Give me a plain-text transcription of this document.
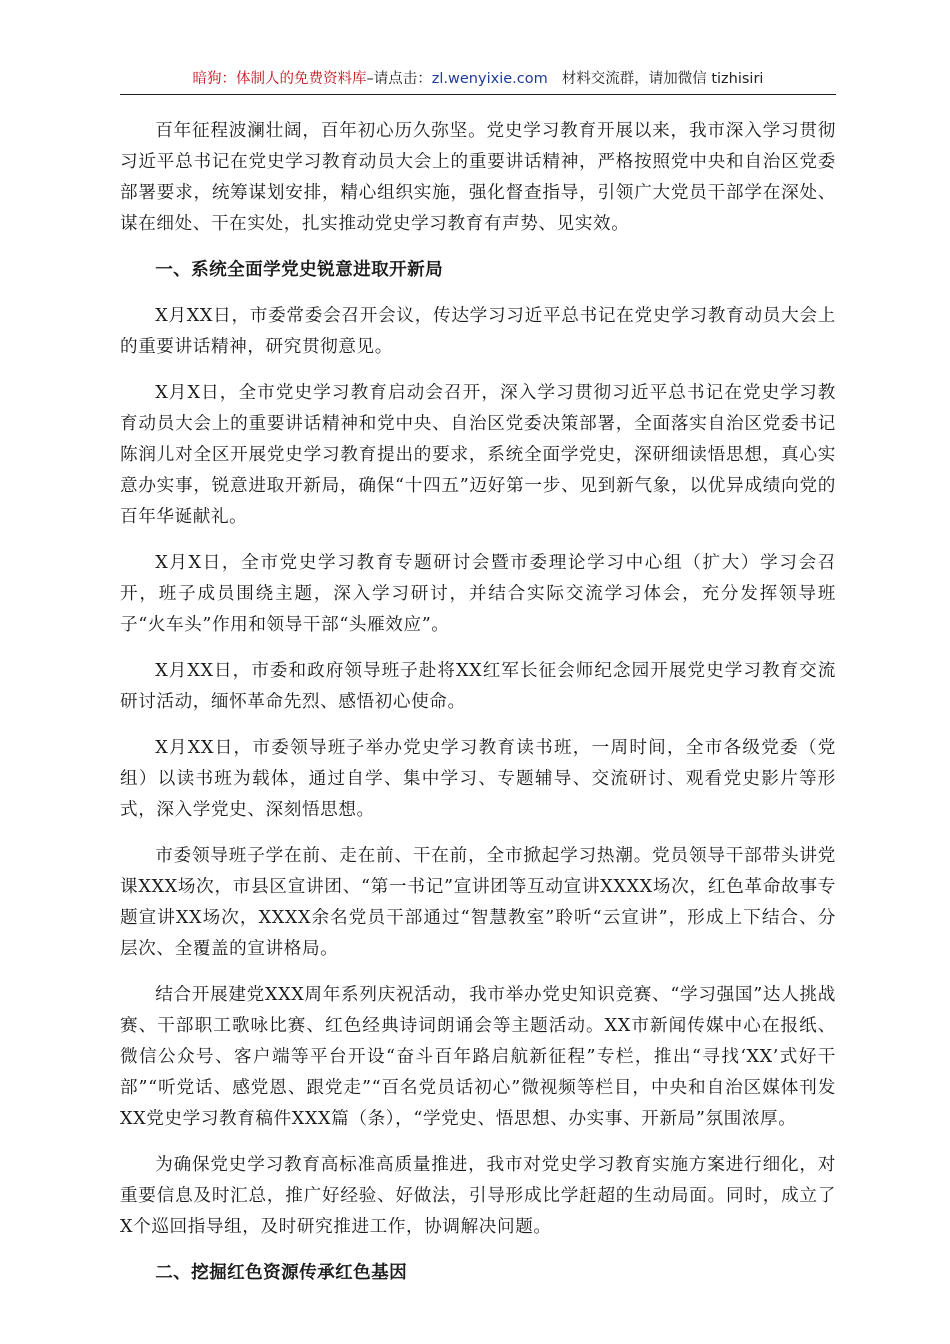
暗狗：体制人的免费资料库–请点击：zl.wenyixie.com 材料交流群，请加微信 tizhisiri

百年征程波澜壮阔，百年初心历久弥坚。党史学习教育开展以来，我市深入学习贯彻习近平总书记在党史学习教育动员大会上的重要讲话精神，严格按照党中央和自治区党委部署要求，统筹谋划安排，精心组织实施，强化督查指导，引领广大党员干部学在深处、谋在细处、干在实处，扎实推动党史学习教育有声势、见实效。

一、系统全面学党史锐意进取开新局

X月XX日，市委常委会召开会议，传达学习习近平总书记在党史学习教育动员大会上的重要讲话精神，研究贯彻意见。

X月X日，全市党史学习教育启动会召开，深入学习贯彻习近平总书记在党史学习教育动员大会上的重要讲话精神和党中央、自治区党委决策部署，全面落实自治区党委书记陈润儿对全区开展党史学习教育提出的要求，系统全面学党史，深研细读悟思想，真心实意办实事，锐意进取开新局，确保“十四五”迈好第一步、见到新气象，以优异成绩向党的百年华诞献礼。

X月X日，全市党史学习教育专题研讨会暨市委理论学习中心组（扩大）学习会召开，班子成员围绕主题，深入学习研讨，并结合实际交流学习体会，充分发挥领导班子“火车头”作用和领导干部“头雁效应”。

X月XX日，市委和政府领导班子赴将XX红军长征会师纪念园开展党史学习教育交流研讨活动，缅怀革命先烈、感悟初心使命。

X月XX日，市委领导班子举办党史学习教育读书班，一周时间，全市各级党委（党组）以读书班为载体，通过自学、集中学习、专题辅导、交流研讨、观看党史影片等形式，深入学党史、深刻悟思想。

市委领导班子学在前、走在前、干在前，全市掀起学习热潮。党员领导干部带头讲党课XXX场次，市县区宣讲团、“第一书记”宣讲团等互动宣讲XXXX场次，红色革命故事专题宣讲XX场次，XXXX余名党员干部通过“智慧教室”聆听“云宣讲”，形成上下结合、分层次、全覆盖的宣讲格局。

结合开展建党XXX周年系列庆祝活动，我市举办党史知识竞赛、“学习强国”达人挑战赛、干部职工歌咏比赛、红色经典诗词朗诵会等主题活动。XX市新闻传媒中心在报纸、微信公众号、客户端等平台开设“奋斗百年路启航新征程”专栏，推出“寻找‘XX’式好干部”“听党话、感党恩、跟党走”“百名党员话初心”微视频等栏目，中央和自治区媒体刊发XX党史学习教育稿件XXX篇（条），“学党史、悟思想、办实事、开新局”氛围浓厚。

为确保党史学习教育高标准高质量推进，我市对党史学习教育实施方案进行细化，对重要信息及时汇总，推广好经验、好做法，引导形成比学赶超的生动局面。同时，成立了X个巡回指导组，及时研究推进工作，协调解决问题。

二、挖掘红色资源传承红色基因
